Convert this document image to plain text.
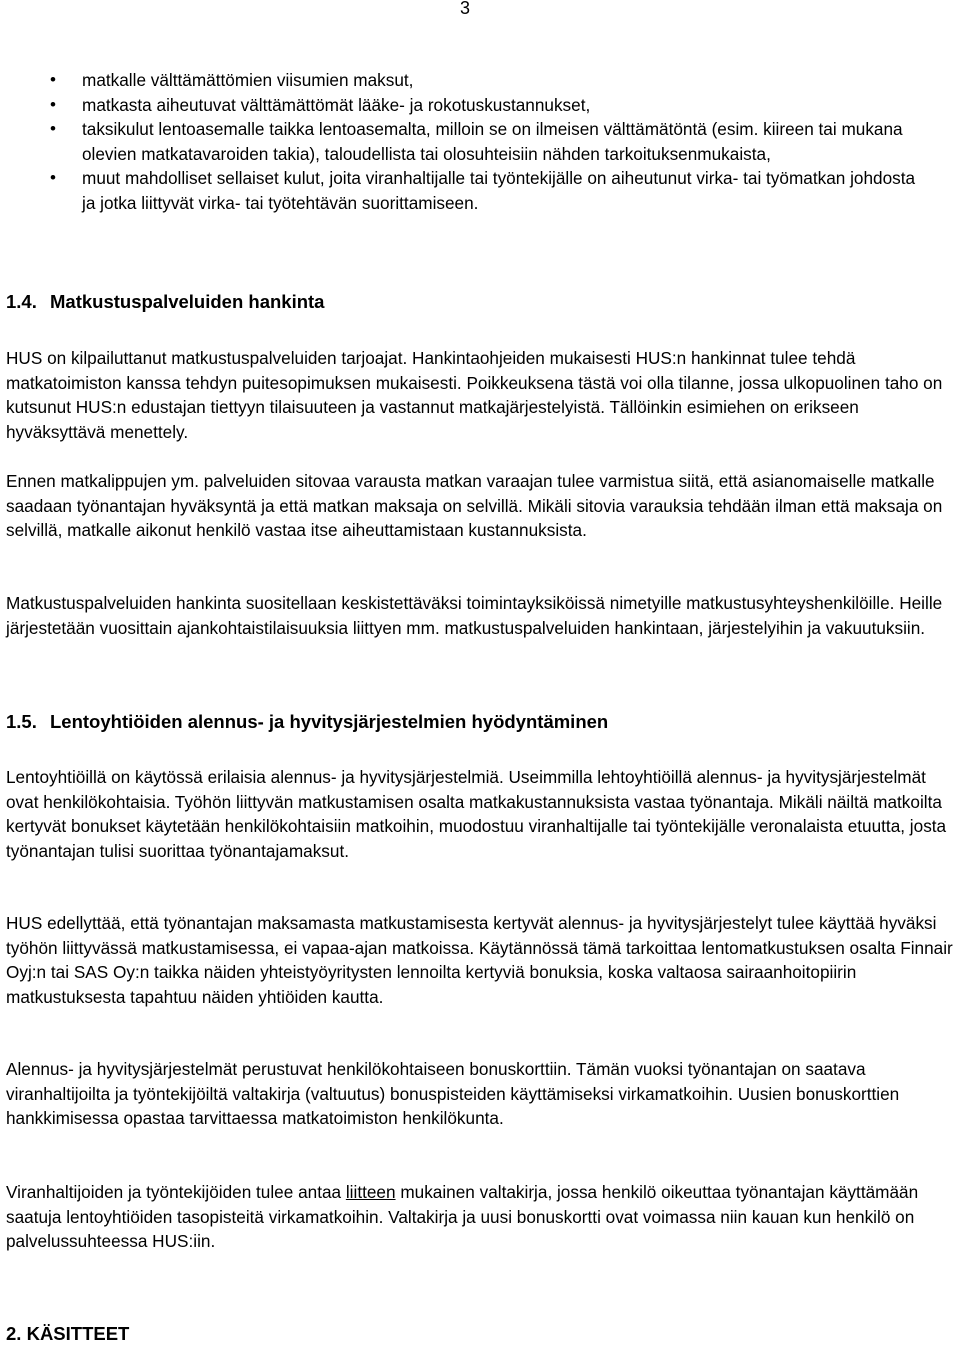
3
• matkalle välttämättömien viisumien maksut,
• matkasta aiheutuvat välttämättömät lääke- ja rokotuskustannukset,
• taksikulut lentoasemalle taikka lentoasemalta, milloin se on ilmeisen välttämätöntä (esim. kiireen tai mukana olevien matkatavaroiden takia), taloudellista tai olosuhteisiin nähden tarkoituksenmukaista,
• muut mahdolliset sellaiset kulut, joita viranhaltijalle tai työntekijälle on aiheutunut virka- tai työmatkan johdosta ja jotka liittyvät virka- tai työtehtävän suorittamiseen.
1.4. Matkustuspalveluiden hankinta

HUS on kilpailuttanut matkustuspalveluiden tarjoajat. Hankintaohjeiden mukaisesti HUS:n hankinnat tulee tehdä matkatoimiston kanssa tehdyn puitesopimuksen mukaisesti. Poikkeuksena tästä voi olla tilanne, jossa ulkopuolinen taho on kutsunut HUS:n edustajan tiettyyn tilaisuuteen ja vastannut matkajärjestelyistä. Tällöinkin esimiehen on erikseen hyväksyttävä menettely.

Ennen matkalippujen ym. palveluiden sitovaa varausta matkan varaajan tulee varmistua siitä, että asianomaiselle matkalle saadaan työnantajan hyväksyntä ja että matkan maksaja on selvillä. Mikäli sitovia varauksia tehdään ilman että maksaja on selvillä, matkalle aikonut henkilö vastaa itse aiheuttamistaan kustannuksista.

Matkustuspalveluiden hankinta suositellaan keskistettäväksi toimintayksiköissä nimetyille matkustusyhteyshenkilöille. Heille järjestetään vuosittain ajankohtaistilaisuuksia liittyen mm. matkustuspalveluiden hankintaan, järjestelyihin ja vakuutuksiin.

1.5. Lentoyhtiöiden alennus- ja hyvitysjärjestelmien hyödyntäminen

Lentoyhtiöillä on käytössä erilaisia alennus- ja hyvitysjärjestelmiä. Useimmilla lehtoyhtiöillä alennus- ja hyvitysjärjestelmät ovat henkilökohtaisia. Työhön liittyvän matkustamisen osalta matkakustannuksista vastaa työnantaja. Mikäli näiltä matkoilta kertyvät bonukset käytetään henkilökohtaisiin matkoihin, muodostuu viranhaltijalle tai työntekijälle veronalaista etuutta, josta työnantajan tulisi suorittaa työnantajamaksut.

HUS edellyttää, että työnantajan maksamasta matkustamisesta kertyvät alennus- ja hyvitysjärjestelyt tulee käyttää hyväksi työhön liittyvässä matkustamisessa, ei vapaa-ajan matkoissa. Käytännössä tämä tarkoittaa lentomatkustuksen osalta Finnair Oyj:n tai SAS Oy:n taikka näiden yhteistyöyritysten lennoilta kertyviä bonuksia, koska valtaosa sairaanhoitopiirin matkustuksesta tapahtuu näiden yhtiöiden kautta.

Alennus- ja hyvitysjärjestelmät perustuvat henkilökohtaiseen bonuskorttiin. Tämän vuoksi työnantajan on saatava viranhaltijoilta ja työntekijöiltä valtakirja (valtuutus) bonuspisteiden käyttämiseksi virkamatkoihin. Uusien bonuskorttien hankkimisessa opastaa tarvittaessa matkatoimiston henkilökunta.

Viranhaltijoiden ja työntekijöiden tulee antaa liitteen mukainen valtakirja, jossa henkilö oikeuttaa työnantajan käyttämään saatuja lentoyhtiöiden tasopisteitä virkamatkoihin. Valtakirja ja uusi bonuskortti ovat voimassa niin kauan kun henkilö on palvelussuhteessa HUS:iin.

2. KÄSITTEET
